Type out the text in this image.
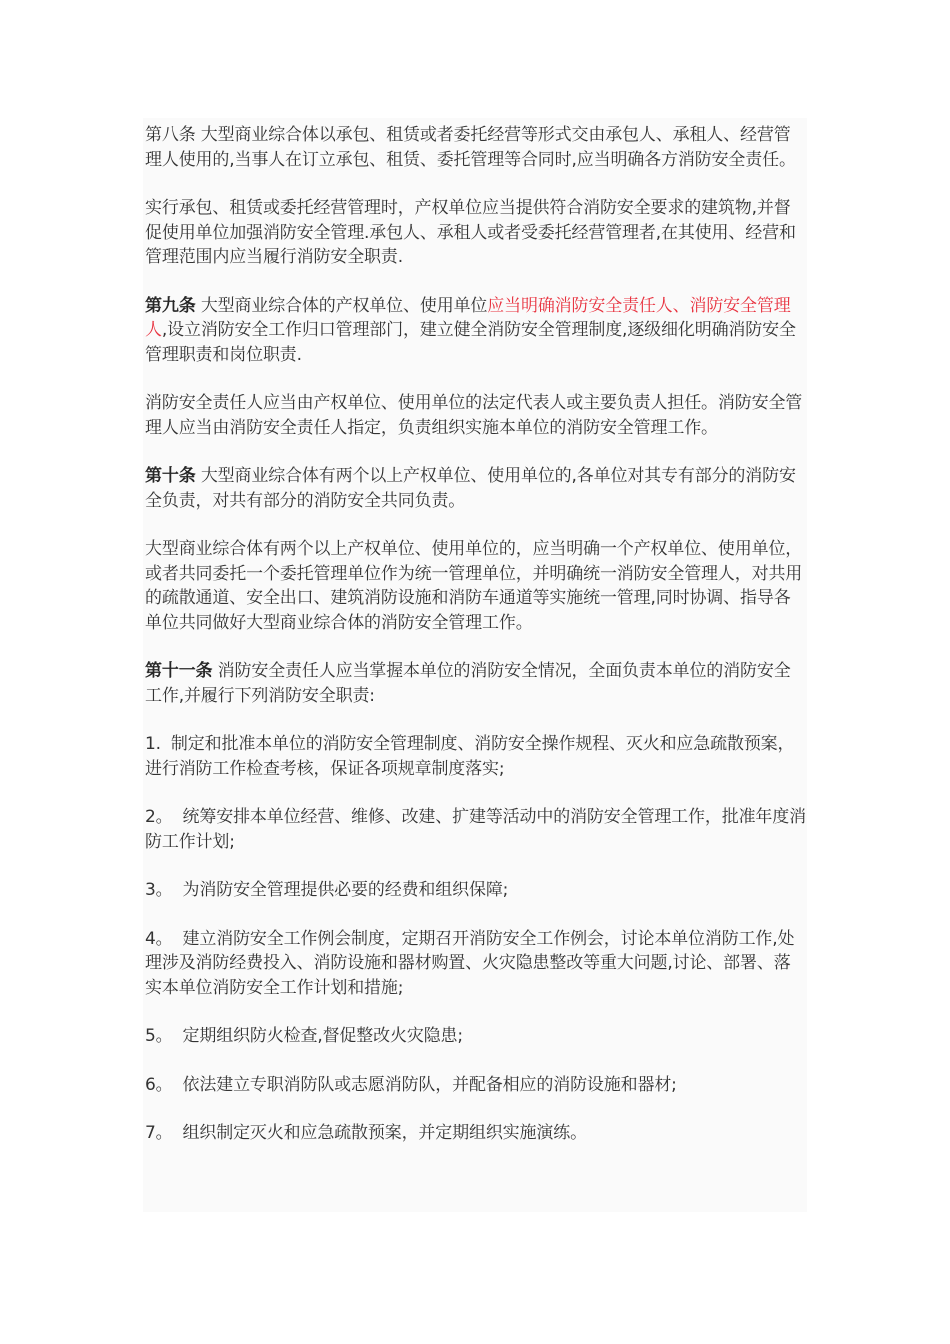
第八条 大型商业综合体以承包、租赁或者委托经营等形式交由承包人、承租人、经营管理人使用的,当事人在订立承包、租赁、委托管理等合同时,应当明确各方消防安全责任。

实行承包、租赁或委托经营管理时，产权单位应当提供符合消防安全要求的建筑物,并督促使用单位加强消防安全管理.承包人、承租人或者受委托经营管理者,在其使用、经营和管理范围内应当履行消防安全职责.

第九条 大型商业综合体的产权单位、使用单位应当明确消防安全责任人、消防安全管理人,设立消防安全工作归口管理部门，建立健全消防安全管理制度,逐级细化明确消防安全管理职责和岗位职责.

消防安全责任人应当由产权单位、使用单位的法定代表人或主要负责人担任。消防安全管理人应当由消防安全责任人指定，负责组织实施本单位的消防安全管理工作。

第十条 大型商业综合体有两个以上产权单位、使用单位的,各单位对其专有部分的消防安全负责，对共有部分的消防安全共同负责。

大型商业综合体有两个以上产权单位、使用单位的，应当明确一个产权单位、使用单位，或者共同委托一个委托管理单位作为统一管理单位，并明确统一消防安全管理人，对共用的疏散通道、安全出口、建筑消防设施和消防车通道等实施统一管理,同时协调、指导各单位共同做好大型商业综合体的消防安全管理工作。

第十一条 消防安全责任人应当掌握本单位的消防安全情况，全面负责本单位的消防安全工作,并履行下列消防安全职责:

1. 制定和批准本单位的消防安全管理制度、消防安全操作规程、灭火和应急疏散预案，进行消防工作检查考核，保证各项规章制度落实;

2。 统筹安排本单位经营、维修、改建、扩建等活动中的消防安全管理工作，批准年度消防工作计划;

3。 为消防安全管理提供必要的经费和组织保障;

4。 建立消防安全工作例会制度，定期召开消防安全工作例会，讨论本单位消防工作,处理涉及消防经费投入、消防设施和器材购置、火灾隐患整改等重大问题,讨论、部署、落实本单位消防安全工作计划和措施;

5。 定期组织防火检查,督促整改火灾隐患;

6。 依法建立专职消防队或志愿消防队，并配备相应的消防设施和器材;

7。 组织制定灭火和应急疏散预案，并定期组织实施演练。
